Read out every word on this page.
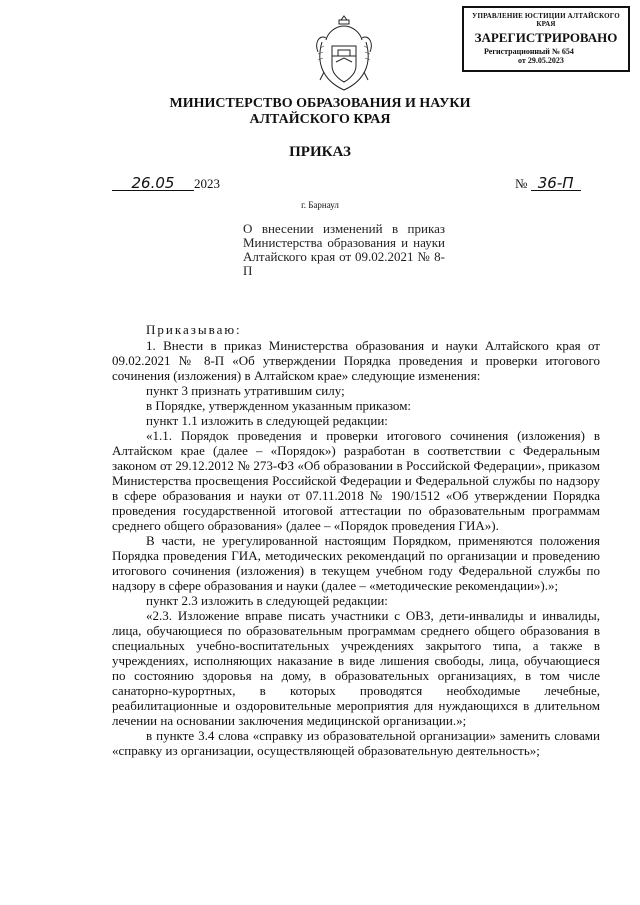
УПРАВЛЕНИЕ ЮСТИЦИИ АЛТАЙСКОГО КРАЯ
ЗАРЕГИСТРИРОВАНО
Регистрационный № 654
от 29.05.2023
МИНИСТЕРСТВО ОБРАЗОВАНИЯ И НАУКИ
АЛТАЙСКОГО КРАЯ
ПРИКАЗ
26.05 2023	№ 36-П
г. Барнаул
О внесении изменений в приказ Министерства образования и науки Алтайского края от 09.02.2021 № 8-П

Приказываю:

1. Внести в приказ Министерства образования и науки Алтайского края от 09.02.2021 № 8-П «Об утверждении Порядка проведения и проверки итогового сочинения (изложения) в Алтайском крае» следующие изменения:

пункт 3 признать утратившим силу;

в Порядке, утвержденном указанным приказом:

пункт 1.1 изложить в следующей редакции:

«1.1. Порядок проведения и проверки итогового сочинения (изложения) в Алтайском крае (далее – «Порядок») разработан в соответствии с Федеральным законом от 29.12.2012 № 273-ФЗ «Об образовании в Российской Федерации», приказом Министерства просвещения Российской Федерации и Федеральной службы по надзору в сфере образования и науки от 07.11.2018 № 190/1512 «Об утверждении Порядка проведения государственной итоговой аттестации по образовательным программам среднего общего образования» (далее – «Порядок проведения ГИА»).

В части, не урегулированной настоящим Порядком, применяются положения Порядка проведения ГИА, методических рекомендаций по организации и проведению итогового сочинения (изложения) в текущем учебном году Федеральной службы по надзору в сфере образования и науки (далее – «методические рекомендации»).»;

пункт 2.3 изложить в следующей редакции:

«2.3. Изложение вправе писать участники с ОВЗ, дети-инвалиды и инвалиды, лица, обучающиеся по образовательным программам среднего общего образования в специальных учебно-воспитательных учреждениях закрытого типа, а также в учреждениях, исполняющих наказание в виде лишения свободы, лица, обучающиеся по состоянию здоровья на дому, в образовательных организациях, в том числе санаторно-курортных, в которых проводятся необходимые лечебные, реабилитационные и оздоровительные мероприятия для нуждающихся в длительном лечении на основании заключения медицинской организации.»;

в пункте 3.4 слова «справку из образовательной организации» заменить словами «справку из организации, осуществляющей образовательную деятельность»;
